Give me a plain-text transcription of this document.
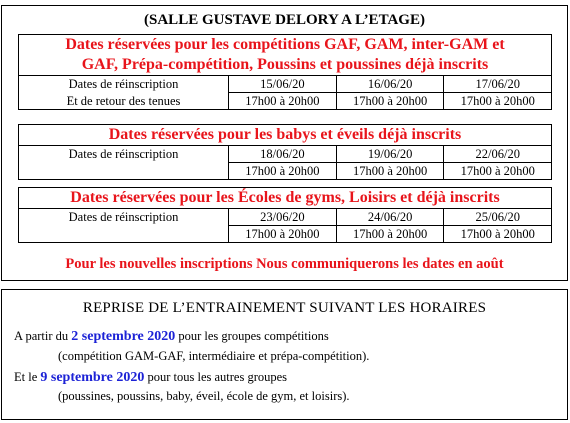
(SALLE GUSTAVE DELORY A L’ETAGE)
Dates réservées pour les compétitions GAF, GAM, inter-GAM et
GAF, Prépa-compétition, Poussins et poussines déjà inscrits
Dates de réinscription	15/06/20	16/06/20	17/06/20
Et de retour des tenues	17h00 à 20h00	17h00 à 20h00	17h00 à 20h00
Dates réservées pour les babys et éveils déjà inscrits
Dates de réinscription	18/06/20	19/06/20	22/06/20
	17h00 à 20h00	17h00 à 20h00	17h00 à 20h00
Dates réservées pour les Écoles de gyms, Loisirs et déjà inscrits
Dates de réinscription	23/06/20	24/06/20	25/06/20
	17h00 à 20h00	17h00 à 20h00	17h00 à 20h00
Pour les nouvelles inscriptions Nous communiquerons les dates en août
REPRISE DE L’ENTRAINEMENT SUIVANT LES HORAIRES
A partir du 2 septembre 2020 pour les groupes compétitions
(compétition GAM-GAF, intermédiaire et prépa-compétition).
Et le 9 septembre 2020 pour tous les autres groupes
(poussines, poussins, baby, éveil, école de gym, et loisirs).
